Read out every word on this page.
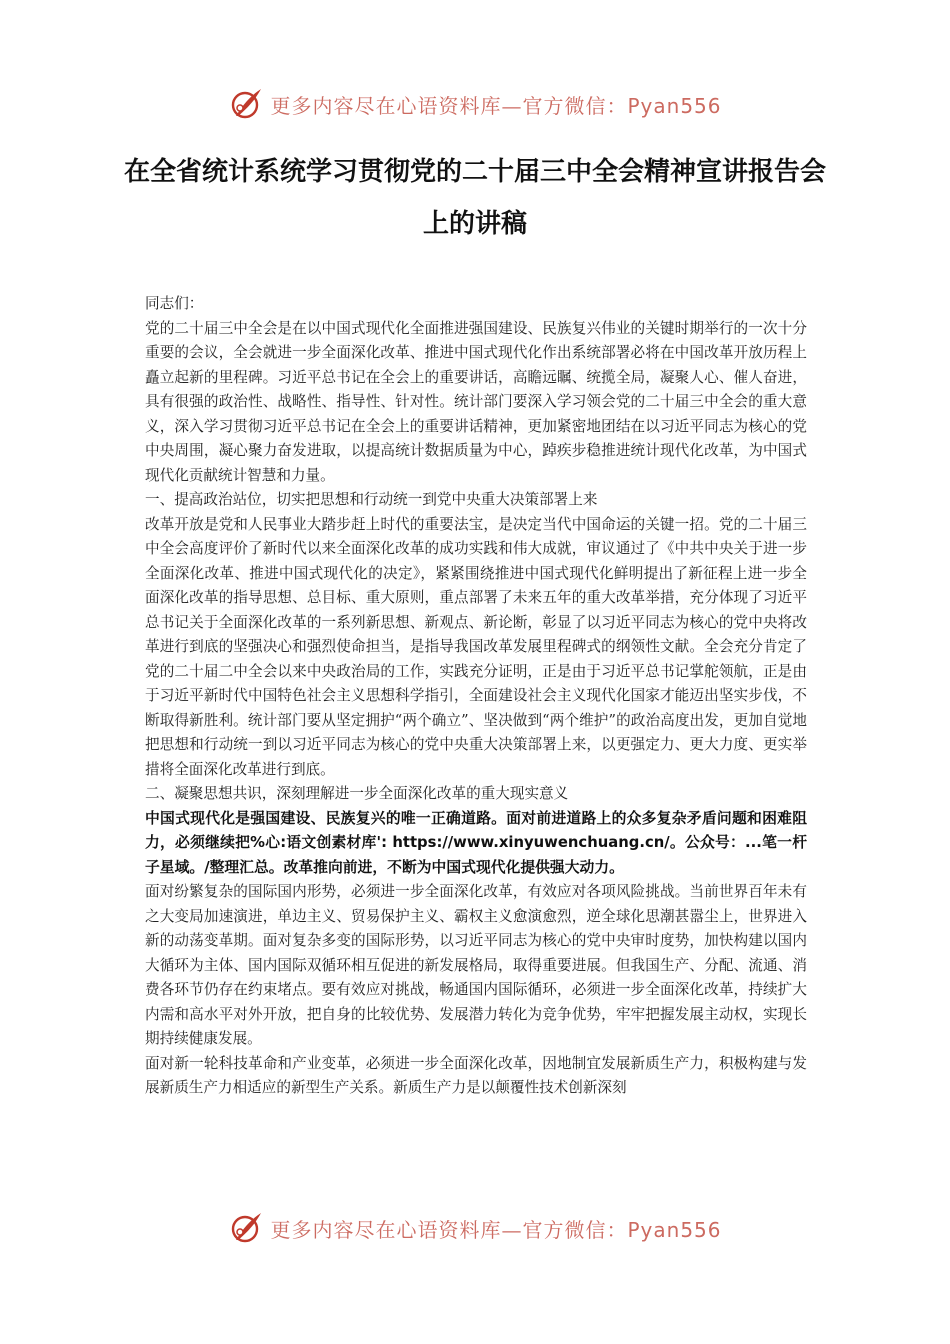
更多内容尽在心语资料库—官方微信：Pyan556
在全省统计系统学习贯彻党的二十届三中全会精神宣讲报告会上的讲稿

同志们：

党的二十届三中全会是在以中国式现代化全面推进强国建设、民族复兴伟业的关键时期举行的一次十分重要的会议，全会就进一步全面深化改革、推进中国式现代化作出系统部署必将在中国改革开放历程上矗立起新的里程碑。习近平总书记在全会上的重要讲话，高瞻远瞩、统揽全局，凝聚人心、催人奋进，具有很强的政治性、战略性、指导性、针对性。统计部门要深入学习领会党的二十届三中全会的重大意义，深入学习贯彻习近平总书记在全会上的重要讲话精神，更加紧密地团结在以习近平同志为核心的党中央周围，凝心聚力奋发进取，以提高统计数据质量为中心，踔疾步稳推进统计现代化改革，为中国式现代化贡献统计智慧和力量。

一、提高政治站位，切实把思想和行动统一到党中央重大决策部署上来

改革开放是党和人民事业大踏步赶上时代的重要法宝，是决定当代中国命运的关键一招。党的二十届三中全会高度评价了新时代以来全面深化改革的成功实践和伟大成就，审议通过了《中共中央关于进一步全面深化改革、推进中国式现代化的决定》，紧紧围绕推进中国式现代化鲜明提出了新征程上进一步全面深化改革的指导思想、总目标、重大原则，重点部署了未来五年的重大改革举措，充分体现了习近平总书记关于全面深化改革的一系列新思想、新观点、新论断，彰显了以习近平同志为核心的党中央将改革进行到底的坚强决心和强烈使命担当，是指导我国改革发展里程碑式的纲领性文献。全会充分肯定了党的二十届二中全会以来中央政治局的工作，实践充分证明，正是由于习近平总书记掌舵领航，正是由于习近平新时代中国特色社会主义思想科学指引，全面建设社会主义现代化国家才能迈出坚实步伐，不断取得新胜利。统计部门要从坚定拥护“两个确立”、坚决做到“两个维护”的政治高度出发，更加自觉地把思想和行动统一到以习近平同志为核心的党中央重大决策部署上来，以更强定力、更大力度、更实举措将全面深化改革进行到底。

二、凝聚思想共识，深刻理解进一步全面深化改革的重大现实意义

中国式现代化是强国建设、民族复兴的唯一正确道路。面对前进道路上的众多复杂矛盾问题和困难阻力，必须继续把%心:语文创素材库': https://www.xinyuwenchuang.cn/。公众号：...笔一杆子星域。/整理汇总。改革推向前进，不断为中国式现代化提供强大动力。

面对纷繁复杂的国际国内形势，必须进一步全面深化改革，有效应对各项风险挑战。当前世界百年未有之大变局加速演进，单边主义、贸易保护主义、霸权主义愈演愈烈，逆全球化思潮甚嚣尘上，世界进入新的动荡变革期。面对复杂多变的国际形势，以习近平同志为核心的党中央审时度势，加快构建以国内大循环为主体、国内国际双循环相互促进的新发展格局，取得重要进展。但我国生产、分配、流通、消费各环节仍存在约束堵点。要有效应对挑战，畅通国内国际循环，必须进一步全面深化改革，持续扩大内需和高水平对外开放，把自身的比较优势、发展潜力转化为竞争优势，牢牢把握发展主动权，实现长期持续健康发展。

面对新一轮科技革命和产业变革，必须进一步全面深化改革，因地制宜发展新质生产力，积极构建与发展新质生产力相适应的新型生产关系。新质生产力是以颠覆性技术创新深刻

更多内容尽在心语资料库—官方微信：Pyan556
